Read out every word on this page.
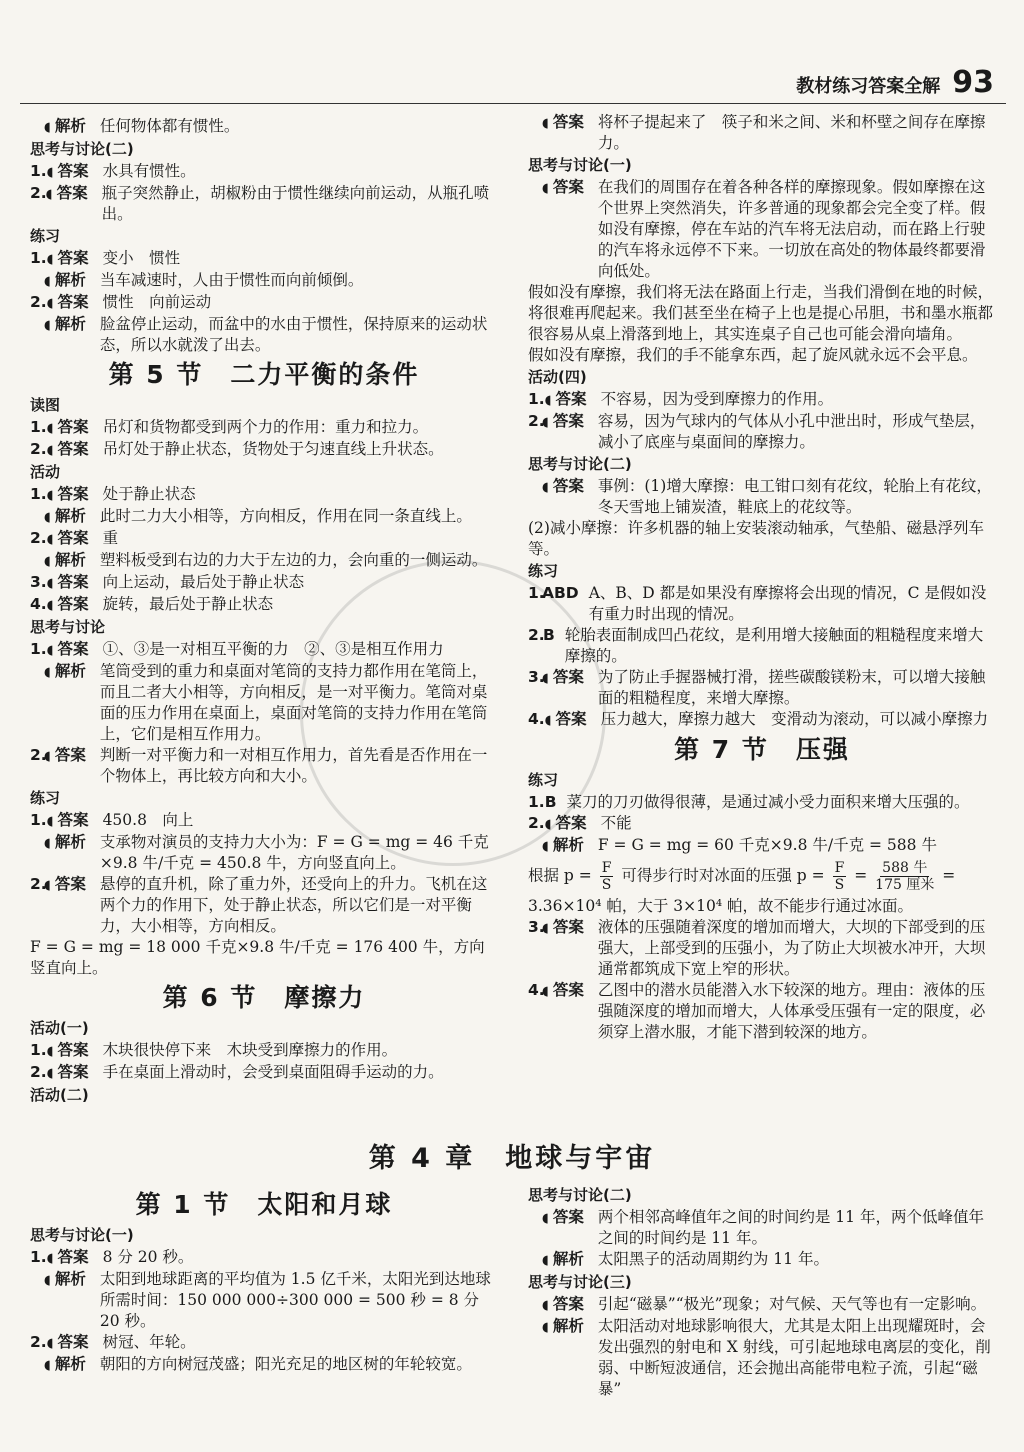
教材练习答案全解 93
◖ 解析 任何物体都有惯性。

思考与讨论(二)
1. ◖ 答案 水具有惯性。

2. ◖ 答案 瓶子突然静止，胡椒粉由于惯性继续向前运动，从瓶孔喷出。

练习
1. ◖ 答案 变小　惯性

◖ 解析 当车减速时，人由于惯性而向前倾倒。

2. ◖ 答案 惯性　向前运动

◖ 解析 脸盆停止运动，而盆中的水由于惯性，保持原来的运动状态，所以水就泼了出去。

第 5 节　二力平衡的条件
读图
1. ◖ 答案 吊灯和货物都受到两个力的作用：重力和拉力。

2. ◖ 答案 吊灯处于静止状态，货物处于匀速直线上升状态。

活动
1. ◖ 答案 处于静止状态

◖ 解析 此时二力大小相等，方向相反，作用在同一条直线上。

2. ◖ 答案 重

◖ 解析 塑料板受到右边的力大于左边的力，会向重的一侧运动。

3. ◖ 答案 向上运动，最后处于静止状态

4. ◖ 答案 旋转，最后处于静止状态

思考与讨论
1. ◖ 答案 ①、③是一对相互平衡的力　②、③是相互作用力

◖ 解析 笔筒受到的重力和桌面对笔筒的支持力都作用在笔筒上，而且二者大小相等，方向相反，是一对平衡力。笔筒对桌面的压力作用在桌面上，桌面对笔筒的支持力作用在笔筒上，它们是相互作用力。

2. ◖ 答案 判断一对平衡力和一对相互作用力，首先看是否作用在一个物体上，再比较方向和大小。

练习
1. ◖ 答案 450.8　向上

◖ 解析 支承物对演员的支持力大小为：F = G = mg = 46 千克×9.8 牛/千克 = 450.8 牛，方向竖直向上。

2. ◖ 答案 悬停的直升机，除了重力外，还受向上的升力。飞机在这两个力的作用下，处于静止状态，所以它们是一对平衡力，大小相等，方向相反。

F = G = mg = 18 000 千克×9.8 牛/千克 = 176 400 牛，方向竖直向上。

第 6 节　摩擦力
活动(一)
1. ◖ 答案 木块很快停下来　木块受到摩擦力的作用。

2. ◖ 答案 手在桌面上滑动时，会受到桌面阻碍手运动的力。

活动(二)
◖ 答案 将杯子提起来了　筷子和米之间、米和杯壁之间存在摩擦力。

思考与讨论(一)
◖ 答案 在我们的周围存在着各种各样的摩擦现象。假如摩擦在这个世界上突然消失，许多普通的现象都会完全变了样。假如没有摩擦，停在车站的汽车将无法启动，而在路上行驶的汽车将永远停不下来。一切放在高处的物体最终都要滑向低处。

假如没有摩擦，我们将无法在路面上行走，当我们滑倒在地的时候，将很难再爬起来。我们甚至坐在椅子上也是提心吊胆，书和墨水瓶都很容易从桌上滑落到地上，其实连桌子自己也可能会滑向墙角。

假如没有摩擦，我们的手不能拿东西，起了旋风就永远不会平息。

活动(四)
1. ◖ 答案 不容易，因为受到摩擦力的作用。

2. ◖ 答案 容易，因为气球内的气体从小孔中泄出时，形成气垫层，减小了底座与桌面间的摩擦力。

思考与讨论(二)
◖ 答案 事例：(1)增大摩擦：电工钳口刻有花纹，轮胎上有花纹，冬天雪地上铺炭渣，鞋底上的花纹等。

(2)减小摩擦：许多机器的轴上安装滚动轴承，气垫船、磁悬浮列车等。

练习
1.
ABD A、B、D 都是如果没有摩擦将会出现的情况，C 是假如没有重力时出现的情况。

2.
B 轮胎表面制成凹凸花纹，是利用增大接触面的粗糙程度来增大摩擦的。

3. ◖ 答案 为了防止手握器械打滑，搓些碳酸镁粉末，可以增大接触面的粗糙程度，来增大摩擦。

4. ◖ 答案 压力越大，摩擦力越大　变滑动为滚动，可以减小摩擦力

第 7 节　压强
练习
1. B 菜刀的刀刃做得很薄，是通过减小受力面积来增大压强的。

2. ◖ 答案 不能

◖ 解析 F = G = mg = 60 千克×9.8 牛/千克 = 588 牛

根据 $p = \frac{F}{S}$ 可得步行时对冰面的压强 $p = \frac{F}{S} = \frac{\text{588 牛}}{\text{175 厘米}}$ =

3.36×10⁴ 帕，大于 3×10⁴ 帕，故不能步行通过冰面。

3. ◖ 答案 液体的压强随着深度的增加而增大，大坝的下部受到的压强大，上部受到的压强小，为了防止大坝被水冲开，大坝通常都筑成下宽上窄的形状。

4. ◖ 答案 乙图中的潜水员能潜入水下较深的地方。理由：液体的压强随深度的增加而增大，人体承受压强有一定的限度，必须穿上潜水服，才能下潜到较深的地方。

第 4 章　地球与宇宙
第 1 节　太阳和月球
思考与讨论(一)
1. ◖ 答案 8 分 20 秒。

◖ 解析 太阳到地球距离的平均值为 1.5 亿千米，太阳光到达地球所需时间：150 000 000÷300 000 = 500 秒 = 8 分 20 秒。

2. ◖ 答案 树冠、年轮。

◖ 解析 朝阳的方向树冠茂盛；阳光充足的地区树的年轮较宽。

思考与讨论(二)
◖ 答案 两个相邻高峰值年之间的时间约是 11 年，两个低峰值年之间的时间约是 11 年。

◖ 解析 太阳黑子的活动周期约为 11 年。

思考与讨论(三)
◖ 答案 引起“磁暴”“极光”现象；对气候、天气等也有一定影响。

◖ 解析 太阳活动对地球影响很大，尤其是太阳上出现耀斑时，会发出强烈的射电和 X 射线，可引起地球电离层的变化，削弱、中断短波通信，还会抛出高能带电粒子流，引起“磁暴”
